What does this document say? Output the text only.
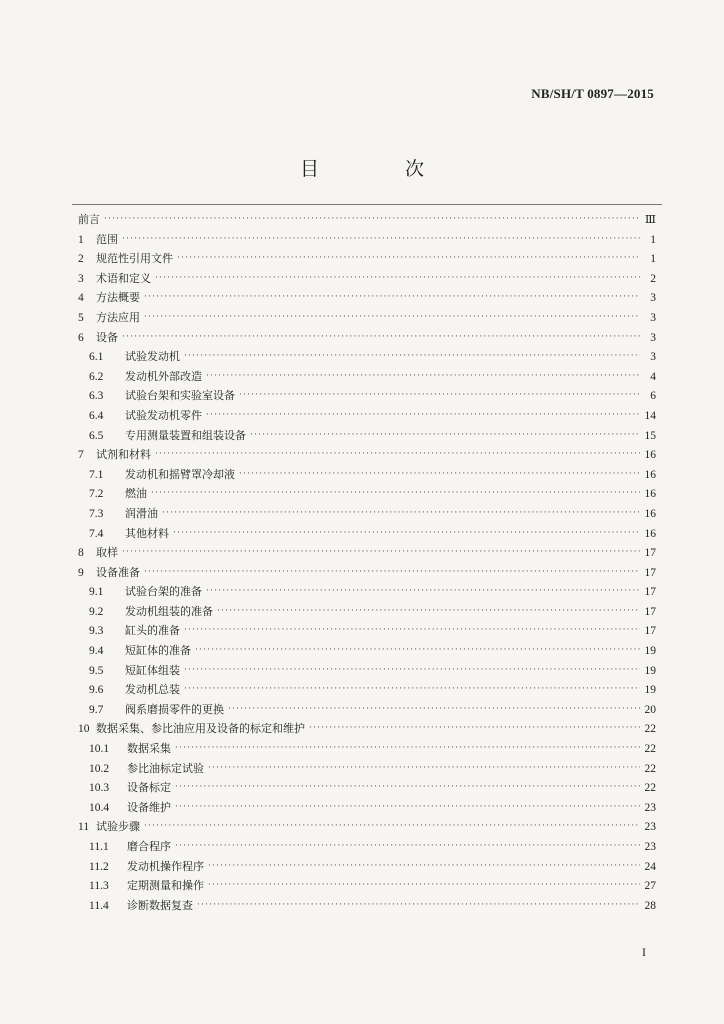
NB/SH/T 0897—2015
目 次
前言 ·····	Ⅲ
1	范围 ·····	1
2	规范性引用文件 ·····	1
3	术语和定义 ·····	2
4	方法概要 ·····	3
5	方法应用 ·····	3
6	设备 ·····	3
6.1	试验发动机 ·····	3
6.2	发动机外部改造 ·····	4
6.3	试验台架和实验室设备 ·····	6
6.4	试验发动机零件 ·····	14
6.5	专用测量装置和组装设备 ·····	15
7	试剂和材料 ·····	16
7.1	发动机和摇臂罩冷却液 ·····	16
7.2	燃油 ·····	16
7.3	润滑油 ·····	16
7.4	其他材料 ·····	16
8	取样 ·····	17
9	设备准备 ·····	17
9.1	试验台架的准备 ·····	17
9.2	发动机组装的准备 ·····	17
9.3	缸头的准备 ·····	17
9.4	短缸体的准备 ·····	19
9.5	短缸体组装 ·····	19
9.6	发动机总装 ·····	19
9.7	阀系磨损零件的更换 ·····	20
10 数据采集、参比油应用及设备的标定和维护 ·····	22
10.1	数据采集 ·····	22
10.2	参比油标定试验 ·····	22
10.3	设备标定 ·····	22
10.4	设备维护 ·····	23
11 试验步骤 ·····	23
11.1	磨合程序 ·····	23
11.2	发动机操作程序 ·····	24
11.3	定期测量和操作 ·····	27
11.4	诊断数据复查 ·····	28
I
